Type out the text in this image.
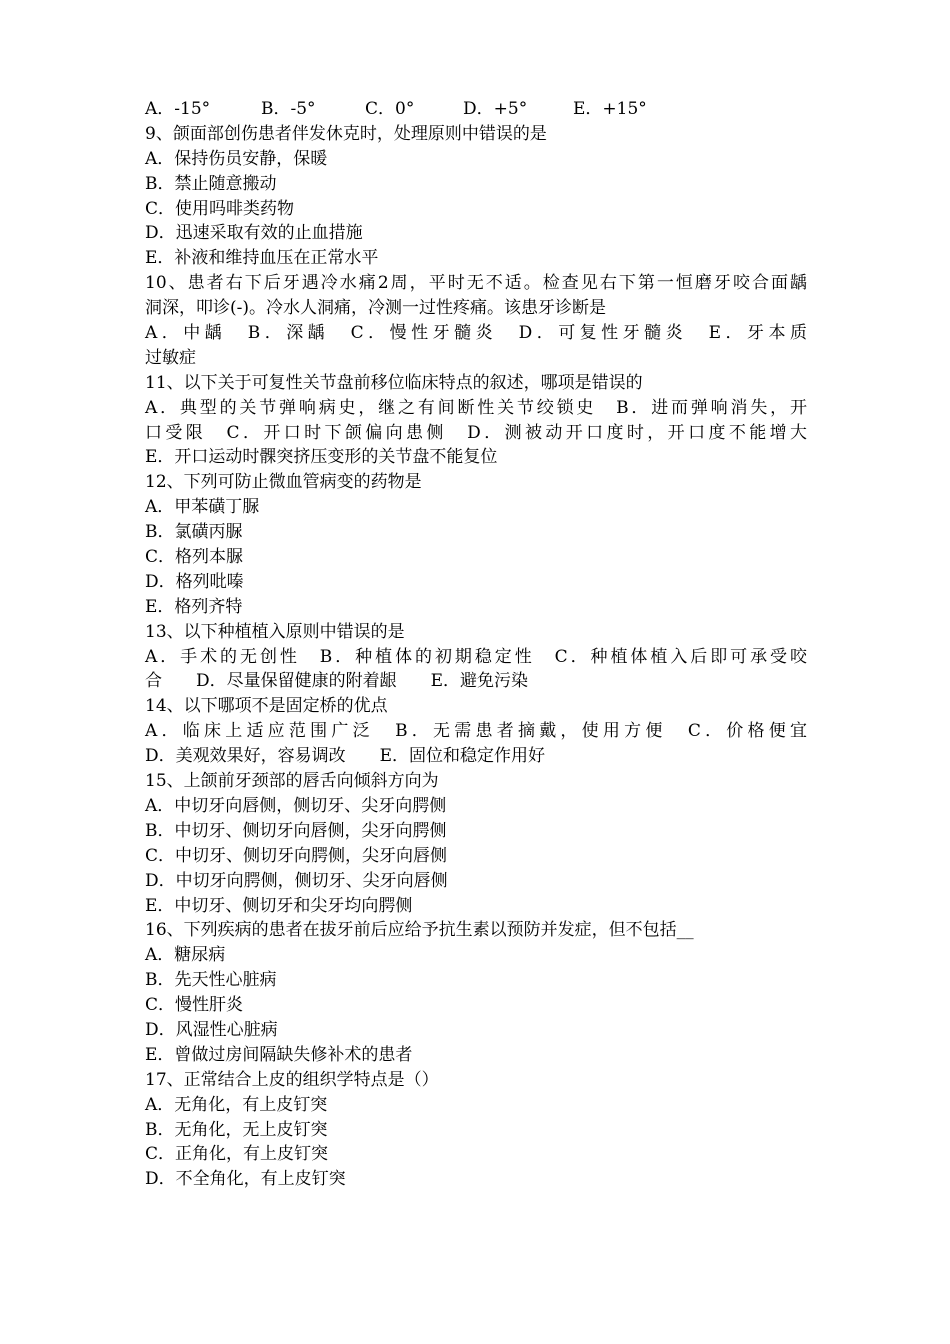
A．-15°	B．-5°	C．0°	D．+5°	E．+15°
9、颌面部创伤患者伴发休克时，处理原则中错误的是
A．保持伤员安静，保暖
B．禁止随意搬动
C．使用吗啡类药物
D．迅速采取有效的止血措施
E．补液和维持血压在正常水平
10、患者右下后牙遇冷水痛2周，平时无不适。检查见右下第一恒磨牙咬合面龋
洞深，叩诊(-)。冷水人洞痛，冷测一过性疼痛。该患牙诊断是
A．中龋　B．深龋　C．慢性牙髓炎　D．可复性牙髓炎　E．牙本质
过敏症
11、以下关于可复性关节盘前移位临床特点的叙述，哪项是错误的
A．典型的关节弹响病史，继之有间断性关节绞锁史　B．进而弹响消失，开
口受限　C．开口时下颌偏向患侧　D．测被动开口度时，开口度不能增大
E．开口运动时髁突挤压变形的关节盘不能复位
12、下列可防止微血管病变的药物是
A．甲苯磺丁脲
B．氯磺丙脲
C．格列本脲
D．格列吡嗪
E．格列齐特
13、以下种植植入原则中错误的是
A．手术的无创性　B．种植体的初期稳定性　C．种植体植入后即可承受咬
合　　D．尽量保留健康的附着龈　　E．避免污染
14、以下哪项不是固定桥的优点
A．临床上适应范围广泛　B．无需患者摘戴，使用方便　C．价格便宜
D．美观效果好，容易调改　　E．固位和稳定作用好
15、上颌前牙颈部的唇舌向倾斜方向为
A．中切牙向唇侧，侧切牙、尖牙向腭侧
B．中切牙、侧切牙向唇侧，尖牙向腭侧
C．中切牙、侧切牙向腭侧，尖牙向唇侧
D．中切牙向腭侧，侧切牙、尖牙向唇侧
E．中切牙、侧切牙和尖牙均向腭侧
16、下列疾病的患者在拔牙前后应给予抗生素以预防并发症，但不包括__
A．糖尿病
B．先天性心脏病
C．慢性肝炎
D．风湿性心脏病
E．曾做过房间隔缺失修补术的患者
17、正常结合上皮的组织学特点是（）
A．无角化，有上皮钉突
B．无角化，无上皮钉突
C．正角化，有上皮钉突
D．不全角化，有上皮钉突
